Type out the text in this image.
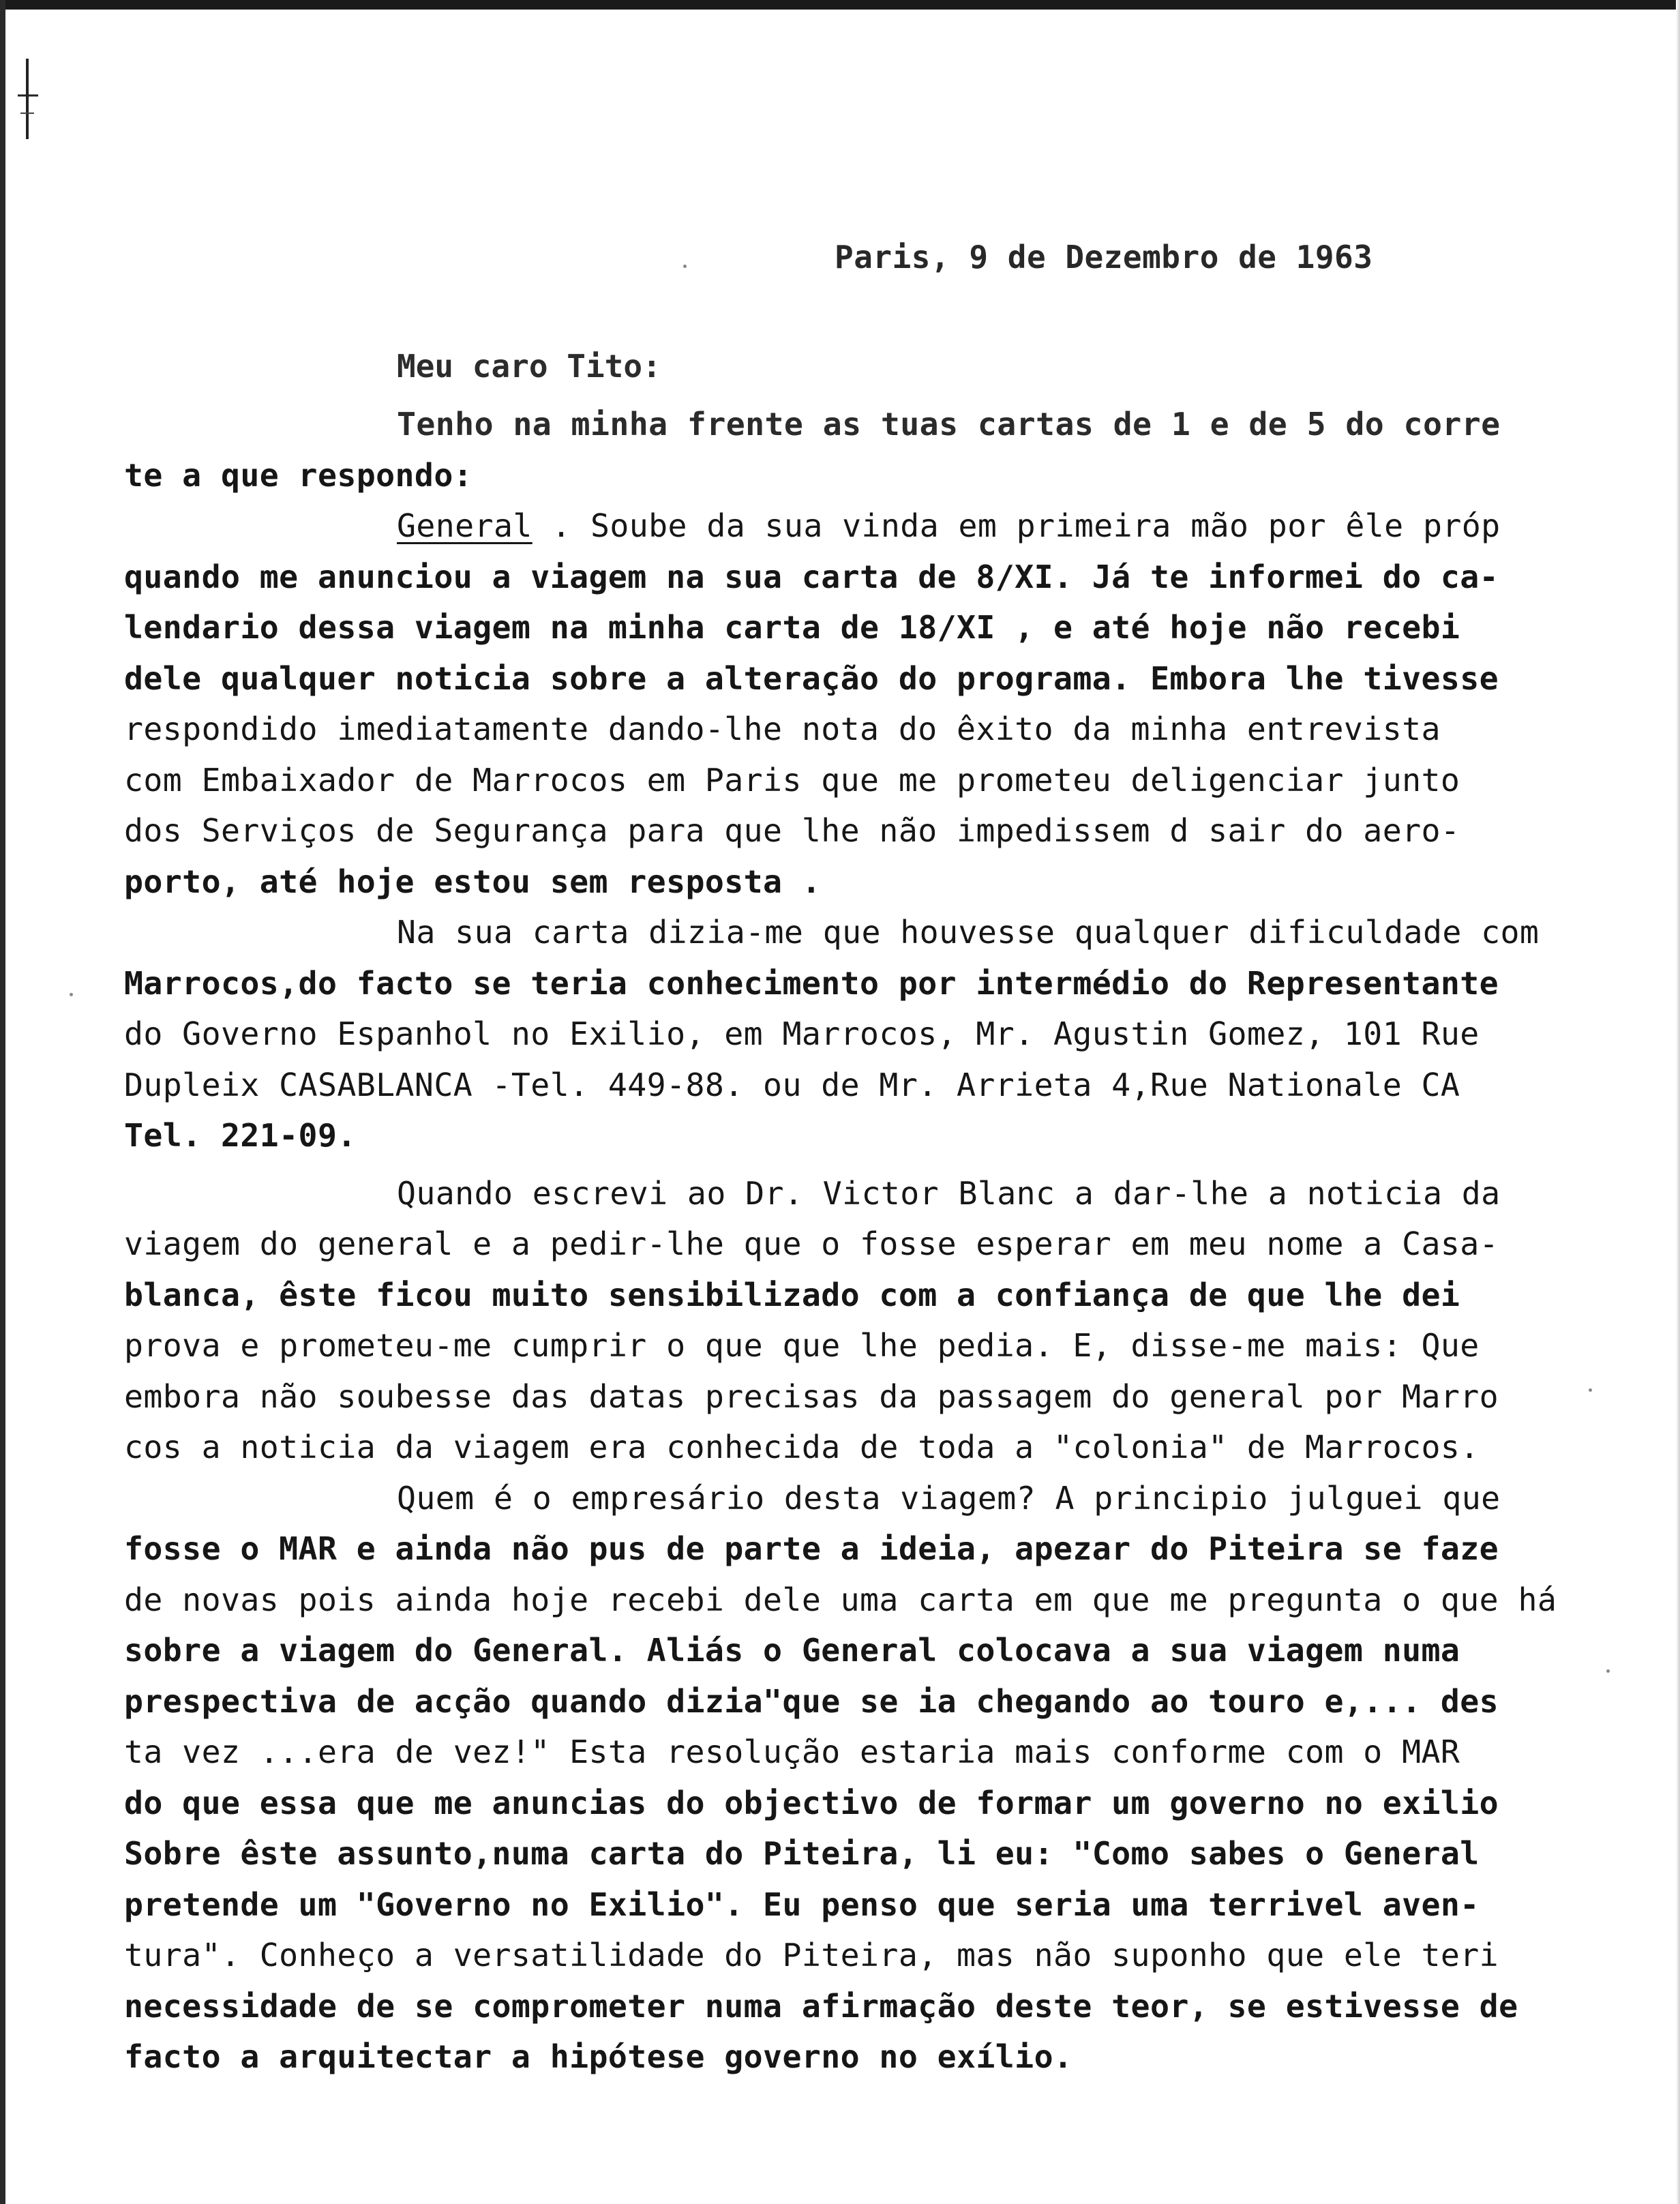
Paris, 9 de Dezembro de 1963
Meu caro Tito:
Tenho na minha frente as tuas cartas de 1 e de 5 do corre
te a que respondo:
General . Soube da sua vinda em primeira mão por êle próp
quando me anunciou a viagem na sua carta de 8/XI. Já te informei do ca-
lendario dessa viagem na minha carta de 18/XI , e até hoje não recebi
dele qualquer noticia sobre a alteração do programa. Embora lhe tivesse
respondido imediatamente dando-lhe nota do êxito da minha entrevista
com Embaixador de Marrocos em Paris que me prometeu deligenciar junto
dos Serviços de Segurança para que lhe não impedissem d sair do aero-
porto, até hoje estou sem resposta .
Na sua carta dizia-me que houvesse qualquer dificuldade com
Marrocos,do facto se teria conhecimento por intermédio do Representante
do Governo Espanhol no Exilio, em Marrocos, Mr. Agustin Gomez, 101 Rue
Dupleix CASABLANCA -Tel. 449-88. ou de Mr. Arrieta 4,Rue Nationale CA
Tel. 221-09.
Quando escrevi ao Dr. Victor Blanc a dar-lhe a noticia da
viagem do general e a pedir-lhe que o fosse esperar em meu nome a Casa-
blanca, êste ficou muito sensibilizado com a confiança de que lhe dei
prova e prometeu-me cumprir o que que lhe pedia. E, disse-me mais: Que
embora não soubesse das datas precisas da passagem do general por Marro
cos a noticia da viagem era conhecida de toda a "colonia" de Marrocos.
Quem é o empresário desta viagem? A principio julguei que
fosse o MAR e ainda não pus de parte a ideia, apezar do Piteira se faze
de novas pois ainda hoje recebi dele uma carta em que me pregunta o que há
sobre a viagem do General. Aliás o General colocava a sua viagem numa
prespectiva de acção quando dizia"que se ia chegando ao touro e,... des
ta vez ...era de vez!" Esta resolução estaria mais conforme com o MAR
do que essa que me anuncias do objectivo de formar um governo no exilio
Sobre êste assunto,numa carta do Piteira, li eu: "Como sabes o General
pretende um "Governo no Exilio". Eu penso que seria uma terrivel aven-
tura". Conheço a versatilidade do Piteira, mas não suponho que ele teri
necessidade de se comprometer numa afirmação deste teor, se estivesse de
facto a arquitectar a hipótese governo no exílio.
